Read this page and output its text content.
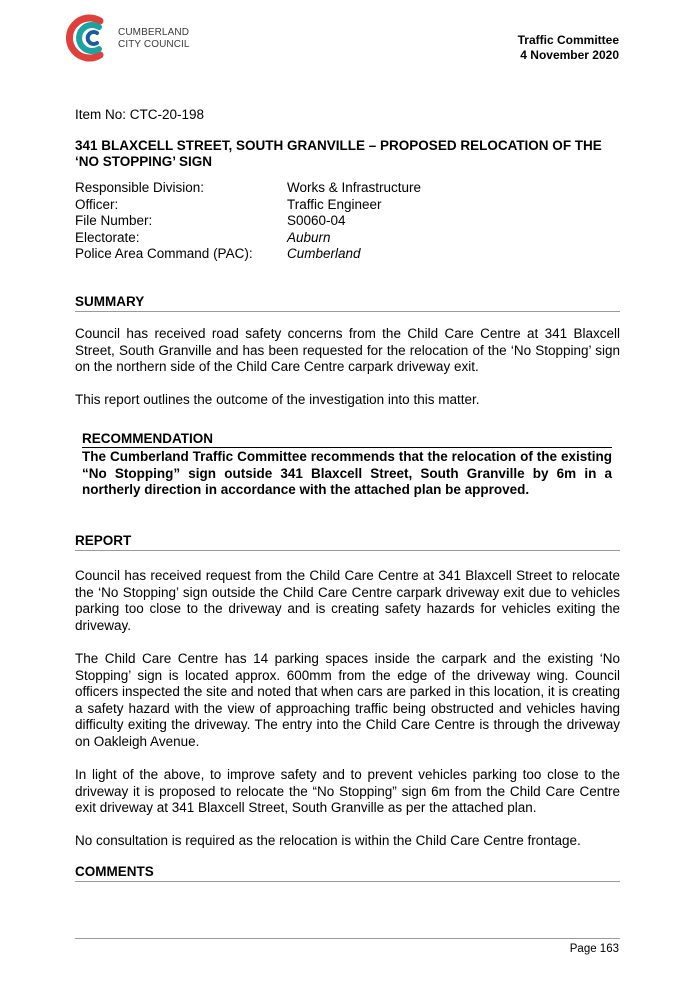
CUMBERLAND
CITY COUNCIL	Traffic Committee
4 November 2020
Item No: CTC-20-198
341 BLAXCELL STREET, SOUTH GRANVILLE – PROPOSED RELOCATION OF THE ‘NO STOPPING’ SIGN
Responsible Division:	Works & Infrastructure
Officer:	Traffic Engineer
File Number:	S0060-04
Electorate:	Auburn
Police Area Command (PAC):	Cumberland
SUMMARY
Council has received road safety concerns from the Child Care Centre at 341 Blaxcell Street, South Granville and has been requested for the relocation of the ‘No Stopping’ sign on the northern side of the Child Care Centre carpark driveway exit.
This report outlines the outcome of the investigation into this matter.
REPORT
Council has received request from the Child Care Centre at 341 Blaxcell Street to relocate the ‘No Stopping’ sign outside the Child Care Centre carpark driveway exit due to vehicles parking too close to the driveway and is creating safety hazards for vehicles exiting the driveway.
The Child Care Centre has 14 parking spaces inside the carpark and the existing ‘No Stopping’ sign is located approx. 600mm from the edge of the driveway wing. Council officers inspected the site and noted that when cars are parked in this location, it is creating a safety hazard with the view of approaching traffic being obstructed and vehicles having difficulty exiting the driveway. The entry into the Child Care Centre is through the driveway on Oakleigh Avenue.
In light of the above, to improve safety and to prevent vehicles parking too close to the driveway it is proposed to relocate the “No Stopping” sign 6m from the Child Care Centre exit driveway at 341 Blaxcell Street, South Granville as per the attached plan.
No consultation is required as the relocation is within the Child Care Centre frontage.
COMMENTS
RECOMMENDATION
The Cumberland Traffic Committee recommends that the relocation of the existing “No Stopping” sign outside 341 Blaxcell Street, South Granville by 6m in a northerly direction in accordance with the attached plan be approved.
Page 163
